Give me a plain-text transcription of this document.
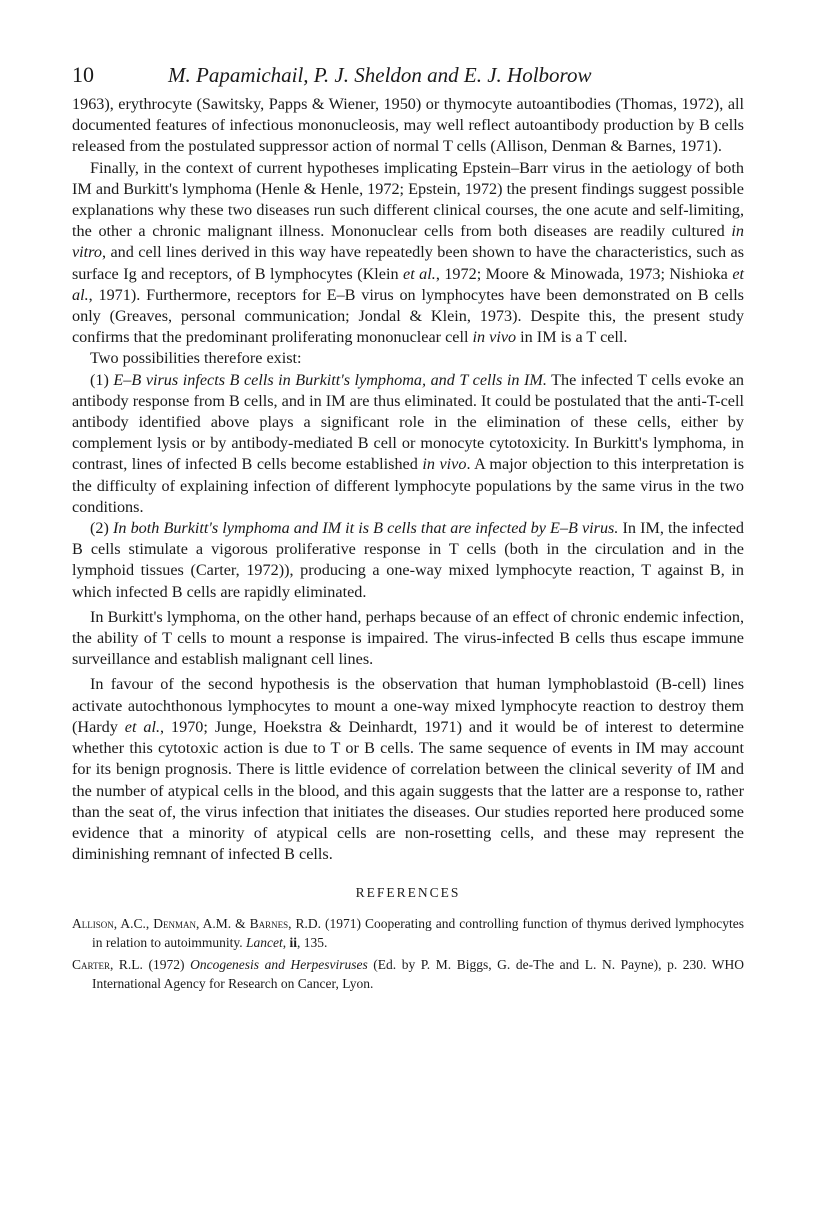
10	M. Papamichail, P. J. Sheldon and E. J. Holborow

1963), erythrocyte (Sawitsky, Papps & Wiener, 1950) or thymocyte autoantibodies (Thomas, 1972), all documented features of infectious mononucleosis, may well reflect autoantibody production by B cells released from the postulated suppressor action of normal T cells (Allison, Denman & Barnes, 1971).

Finally, in the context of current hypotheses implicating Epstein–Barr virus in the aetiology of both IM and Burkitt's lymphoma (Henle & Henle, 1972; Epstein, 1972) the present findings suggest possible explanations why these two diseases run such different clinical courses, the one acute and self-limiting, the other a chronic malignant illness. Mononuclear cells from both diseases are readily cultured in vitro, and cell lines derived in this way have repeatedly been shown to have the characteristics, such as surface Ig and receptors, of B lymphocytes (Klein et al., 1972; Moore & Minowada, 1973; Nishioka et al., 1971). Furthermore, receptors for E–B virus on lymphocytes have been demonstrated on B cells only (Greaves, personal communication; Jondal & Klein, 1973). Despite this, the present study confirms that the predominant proliferating mononuclear cell in vivo in IM is a T cell.

Two possibilities therefore exist:

(1) E–B virus infects B cells in Burkitt's lymphoma, and T cells in IM. The infected T cells evoke an antibody response from B cells, and in IM are thus eliminated. It could be postulated that the anti-T-cell antibody identified above plays a significant role in the elimination of these cells, either by complement lysis or by antibody-mediated B cell or monocyte cytotoxicity. In Burkitt's lymphoma, in contrast, lines of infected B cells become established in vivo. A major objection to this interpretation is the difficulty of explaining infection of different lymphocyte populations by the same virus in the two conditions.

(2) In both Burkitt's lymphoma and IM it is B cells that are infected by E–B virus. In IM, the infected B cells stimulate a vigorous proliferative response in T cells (both in the circulation and in the lymphoid tissues (Carter, 1972)), producing a one-way mixed lymphocyte reaction, T against B, in which infected B cells are rapidly eliminated.

In Burkitt's lymphoma, on the other hand, perhaps because of an effect of chronic endemic infection, the ability of T cells to mount a response is impaired. The virus-infected B cells thus escape immune surveillance and establish malignant cell lines.

In favour of the second hypothesis is the observation that human lymphoblastoid (B-cell) lines activate autochthonous lymphocytes to mount a one-way mixed lymphocyte reaction to destroy them (Hardy et al., 1970; Junge, Hoekstra & Deinhardt, 1971) and it would be of interest to determine whether this cytotoxic action is due to T or B cells. The same sequence of events in IM may account for its benign prognosis. There is little evidence of correlation between the clinical severity of IM and the number of atypical cells in the blood, and this again suggests that the latter are a response to, rather than the seat of, the virus infection that initiates the diseases. Our studies reported here produced some evidence that a minority of atypical cells are non-rosetting cells, and these may represent the diminishing remnant of infected B cells.

REFERENCES
Allison, A.C., Denman, A.M. & Barnes, R.D. (1971) Cooperating and controlling function of thymus derived lymphocytes in relation to autoimmunity. Lancet, ii, 135.
Carter, R.L. (1972) Oncogenesis and Herpesviruses (Ed. by P. M. Biggs, G. de-The and L. N. Payne), p. 230. WHO International Agency for Research on Cancer, Lyon.
